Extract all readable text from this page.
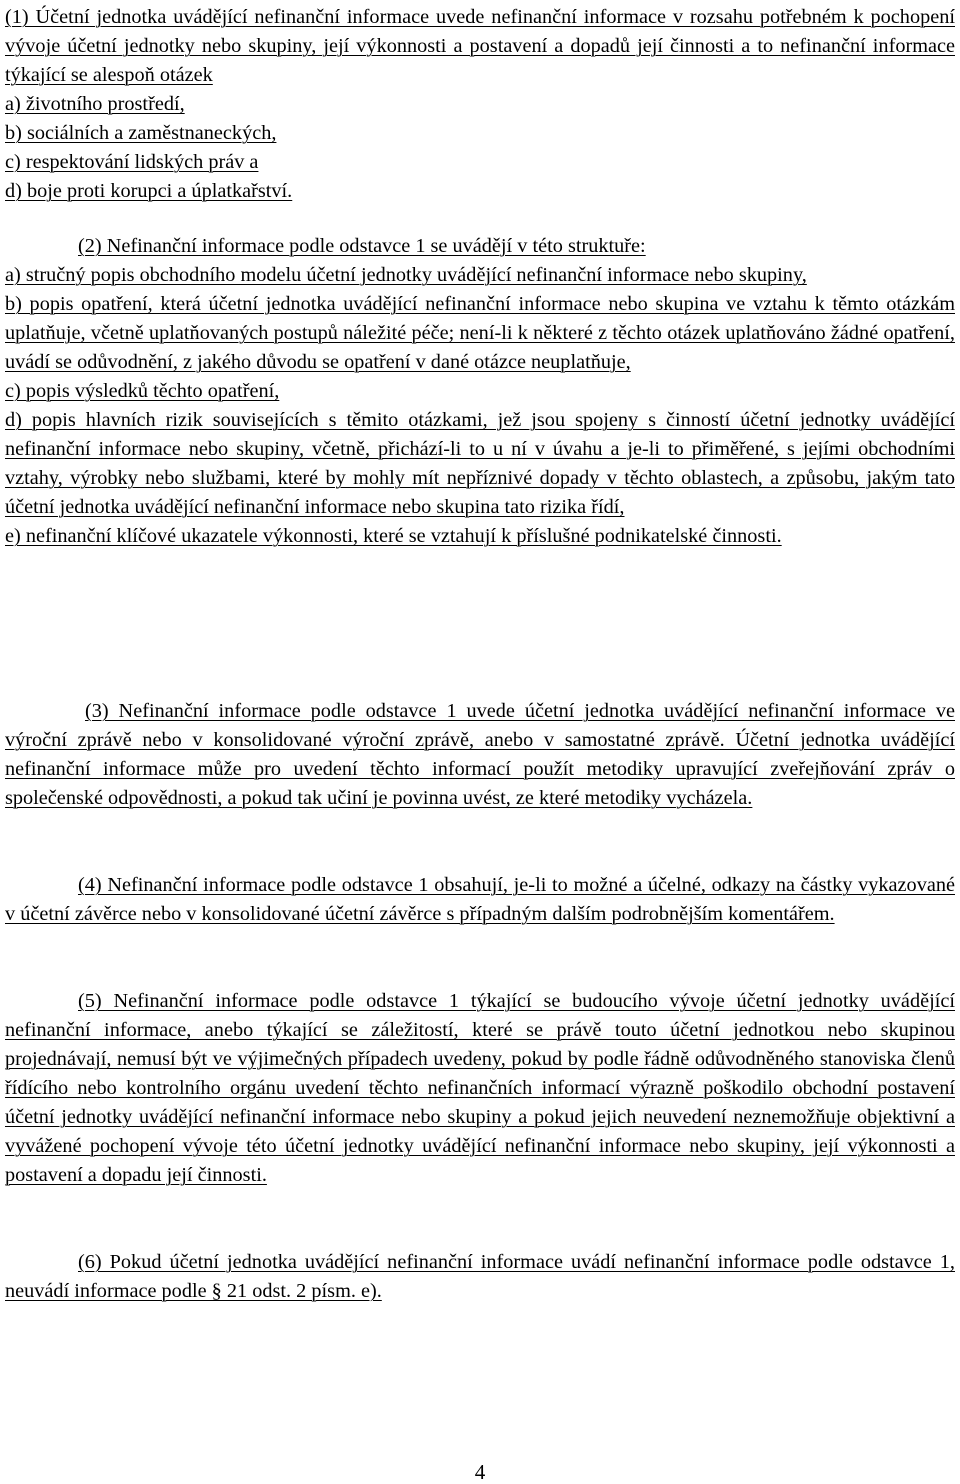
(1) Účetní jednotka uvádějící nefinanční informace uvede nefinanční informace v rozsahu potřebném k pochopení vývoje účetní jednotky nebo skupiny, její výkonnosti a postavení a dopadů její činnosti a to nefinanční informace týkající se alespoň otázek

a) životního prostředí,

b) sociálních a zaměstnaneckých,

c) respektování lidských práv a

d) boje proti korupci a úplatkařství.

(2) Nefinanční informace podle odstavce 1 se uvádějí v této struktuře:

a) stručný popis obchodního modelu účetní jednotky uvádějící nefinanční informace nebo skupiny,

b) popis opatření, která účetní jednotka uvádějící nefinanční informace nebo skupina ve vztahu k těmto otázkám uplatňuje, včetně uplatňovaných postupů náležité péče; není-li k některé z těchto otázek uplatňováno žádné opatření, uvádí se odůvodnění, z jakého důvodu se opatření v dané otázce neuplatňuje,

c) popis výsledků těchto opatření,

d) popis hlavních rizik souvisejících s těmito otázkami, jež jsou spojeny s činností účetní jednotky uvádějící nefinanční informace nebo skupiny, včetně, přichází-li to u ní v úvahu a je-li to přiměřené, s jejími obchodními vztahy, výrobky nebo službami, které by mohly mít nepříznivé dopady v těchto oblastech, a způsobu, jakým tato účetní jednotka uvádějící nefinanční informace nebo skupina tato rizika řídí,

e) nefinanční klíčové ukazatele výkonnosti, které se vztahují k příslušné podnikatelské činnosti.

(3) Nefinanční informace podle odstavce 1 uvede účetní jednotka uvádějící nefinanční informace ve výroční zprávě nebo v konsolidované výroční zprávě, anebo v samostatné zprávě. Účetní jednotka uvádějící nefinanční informace může pro uvedení těchto informací použít metodiky upravující zveřejňování zpráv o společenské odpovědnosti, a pokud tak učiní je povinna uvést, ze které metodiky vycházela.

(4) Nefinanční informace podle odstavce 1 obsahují, je-li to možné a účelné, odkazy na částky vykazované v účetní závěrce nebo v konsolidované účetní závěrce s případným dalším podrobnějším komentářem.

(5) Nefinanční informace podle odstavce 1 týkající se budoucího vývoje účetní jednotky uvádějící nefinanční informace, anebo týkající se záležitostí, které se právě touto účetní jednotkou nebo skupinou projednávají, nemusí být ve výjimečných případech uvedeny, pokud by podle řádně odůvodněného stanoviska členů řídícího nebo kontrolního orgánu uvedení těchto nefinančních informací výrazně poškodilo obchodní postavení účetní jednotky uvádějící nefinanční informace nebo skupiny a pokud jejich neuvedení neznemožňuje objektivní a vyvážené pochopení vývoje této účetní jednotky uvádějící nefinanční informace nebo skupiny, její výkonnosti a postavení a dopadu její činnosti.

(6) Pokud účetní jednotka uvádějící nefinanční informace uvádí nefinanční informace podle odstavce 1, neuvádí informace podle § 21 odst. 2 písm. e).

4
